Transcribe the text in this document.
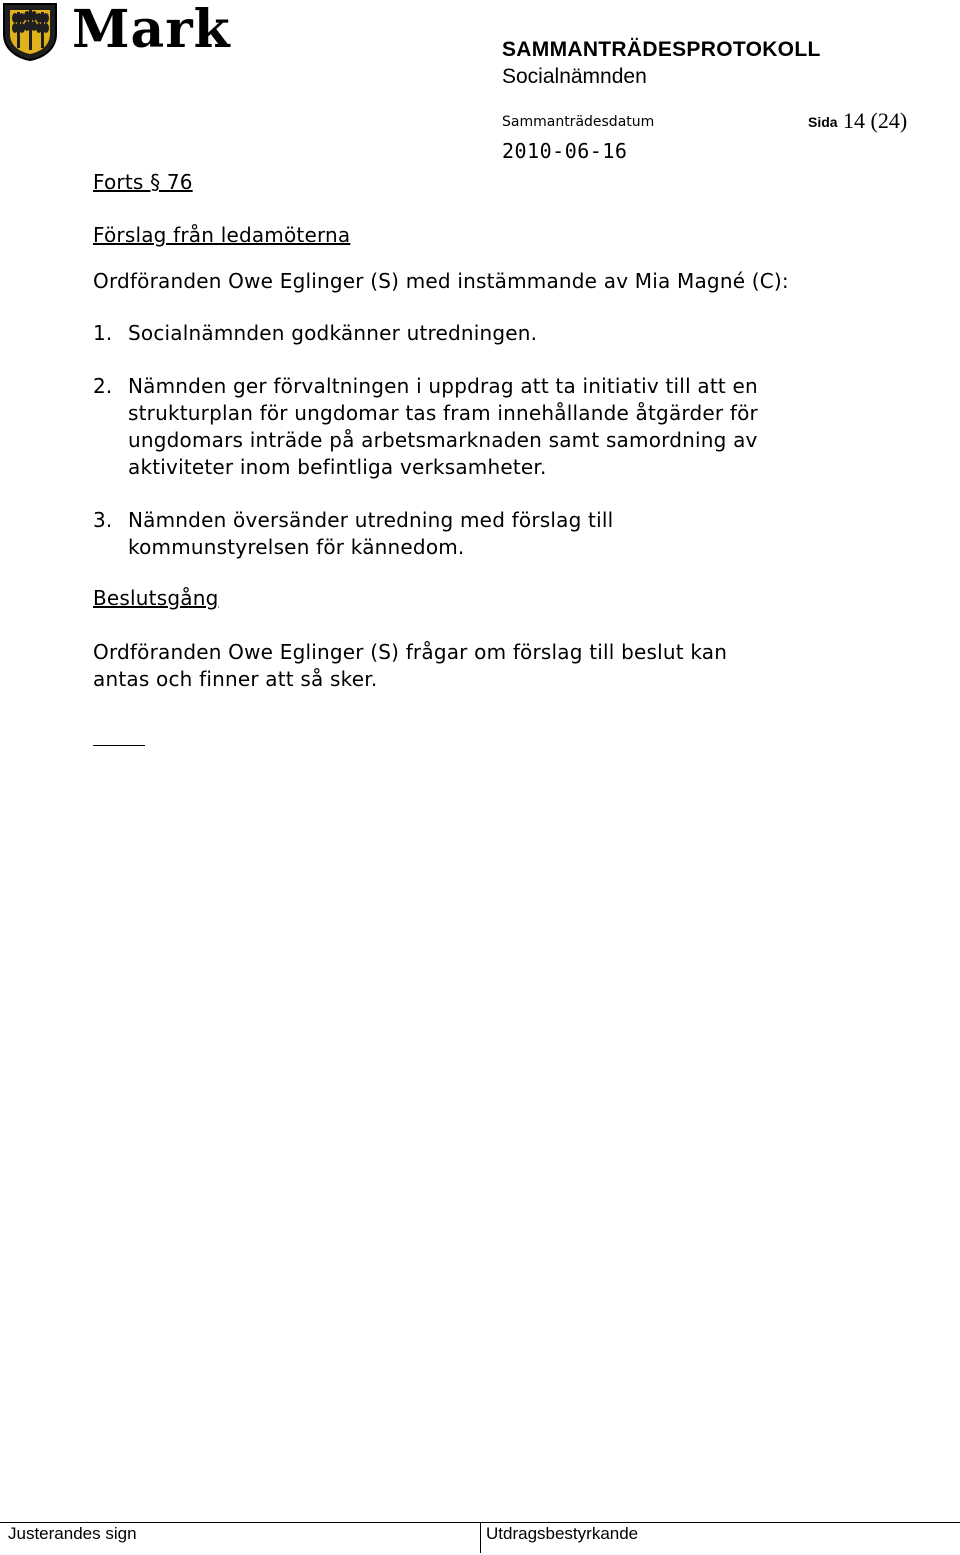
Mark	SAMMANTRÄDESPROTOKOLL
Socialnämnden
Sammanträdesdatum	Sida 14 (24)
2010-06-16
Forts § 76
Förslag från ledamöterna
Ordföranden Owe Eglinger (S) med instämmande av Mia Magné (C):
1. Socialnämnden godkänner utredningen.
2. Nämnden ger förvaltningen i uppdrag att ta initiativ till att en
strukturplan för ungdomar tas fram innehållande åtgärder för
ungdomars inträde på arbetsmarknaden samt samordning av
aktiviteter inom befintliga verksamheter.
3. Nämnden översänder utredning med förslag till
kommunstyrelsen för kännedom.
Beslutsgång
Ordföranden Owe Eglinger (S) frågar om förslag till beslut kan
antas och finner att så sker.
Justerandes sign	Utdragsbestyrkande
